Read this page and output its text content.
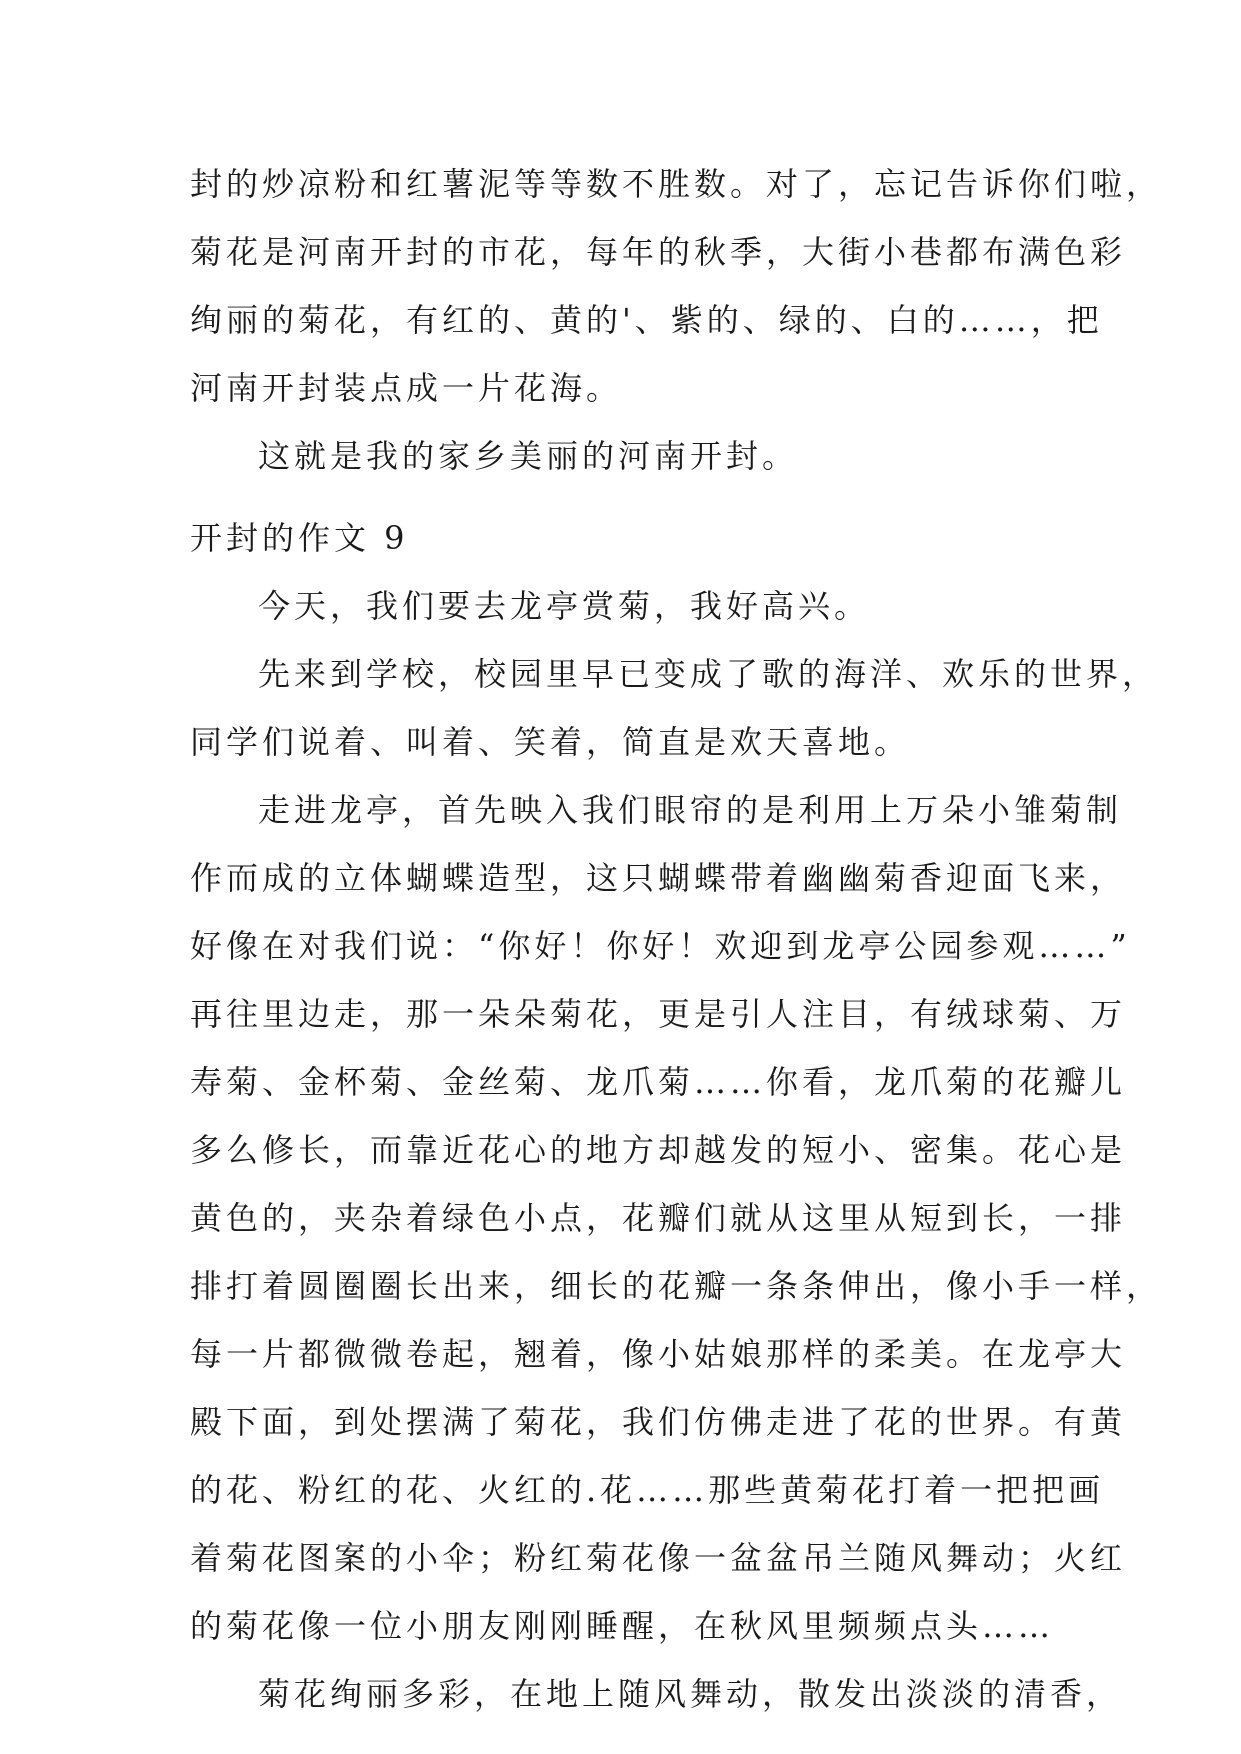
封的炒凉粉和红薯泥等等数不胜数。对了，忘记告诉你们啦，
菊花是河南开封的市花，每年的秋季，大街小巷都布满色彩
绚丽的菊花，有红的、黄的'、紫的、绿的、白的……，把
河南开封装点成一片花海。
这就是我的家乡美丽的河南开封。
开封的作文 9
今天，我们要去龙亭赏菊，我好高兴。
先来到学校，校园里早已变成了歌的海洋、欢乐的世界，
同学们说着、叫着、笑着，简直是欢天喜地。
走进龙亭，首先映入我们眼帘的是利用上万朵小雏菊制
作而成的立体蝴蝶造型，这只蝴蝶带着幽幽菊香迎面飞来，
好像在对我们说：“你好！你好！欢迎到龙亭公园参观……”
再往里边走，那一朵朵菊花，更是引人注目，有绒球菊、万
寿菊、金杯菊、金丝菊、龙爪菊……你看，龙爪菊的花瓣儿
多么修长，而靠近花心的地方却越发的短小、密集。花心是
黄色的，夹杂着绿色小点，花瓣们就从这里从短到长，一排
排打着圆圈圈长出来，细长的花瓣一条条伸出，像小手一样，
每一片都微微卷起，翘着，像小姑娘那样的柔美。在龙亭大
殿下面，到处摆满了菊花，我们仿佛走进了花的世界。有黄
的花、粉红的花、火红的.花……那些黄菊花打着一把把画
着菊花图案的小伞；粉红菊花像一盆盆吊兰随风舞动；火红
的菊花像一位小朋友刚刚睡醒，在秋风里频频点头……
菊花绚丽多彩，在地上随风舞动，散发出淡淡的清香，
